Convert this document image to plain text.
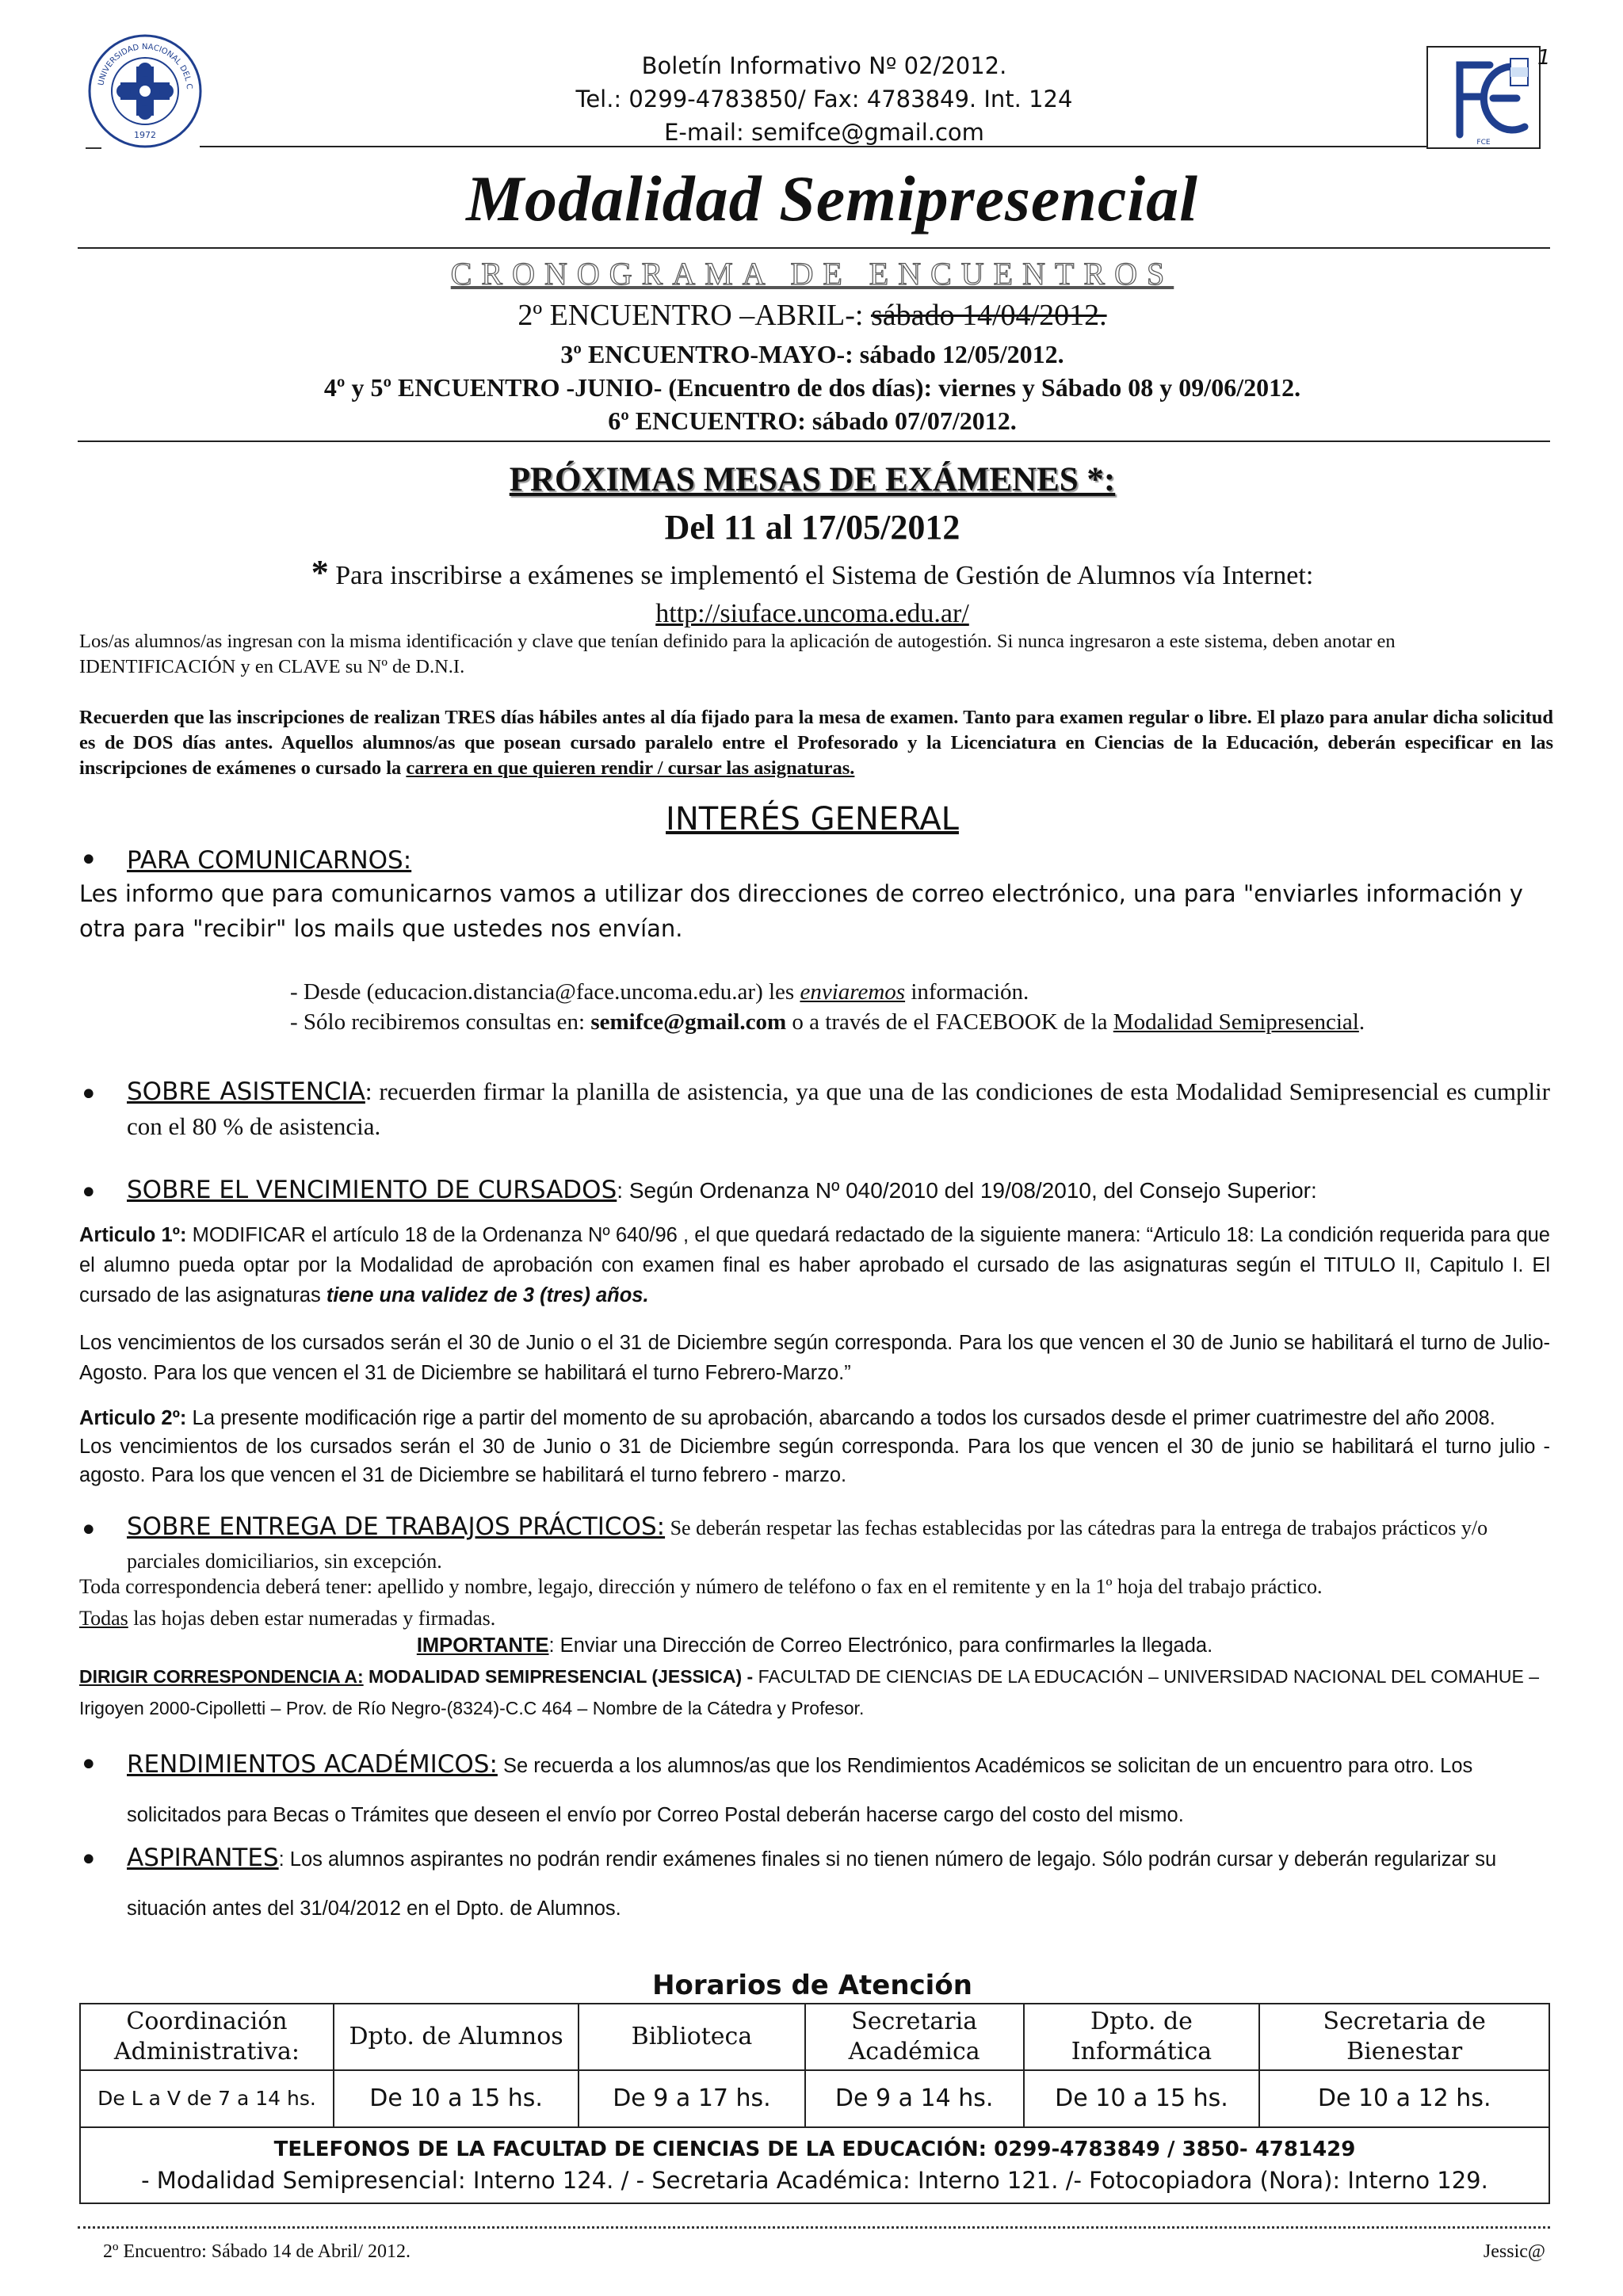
UNIVERSIDAD NACIONAL DEL C
1972
Boletín Informativo Nº 02/2012.
Tel.: 0299-4783850/ Fax: 4783849. Int. 124
E-mail: semifce@gmail.com	FCE
1
Modalidad Semipresencial
CRONOGRAMA DE ENCUENTROS
2º ENCUENTRO –ABRIL-: sábado 14/04/2012.
3º ENCUENTRO-MAYO-: sábado 12/05/2012.
4º y 5º ENCUENTRO -JUNIO- (Encuentro de dos días): viernes y Sábado 08 y 09/06/2012.
6º ENCUENTRO: sábado 07/07/2012.
PRÓXIMAS MESAS DE EXÁMENES *:
Del 11 al 17/05/2012
* Para inscribirse a exámenes se implementó el Sistema de Gestión de Alumnos vía Internet:
http://siuface.uncoma.edu.ar/
Los/as alumnos/as ingresan con la misma identificación y clave que tenían definido para la aplicación de autogestión. Si nunca ingresaron a este sistema, deben anotar en IDENTIFICACIÓN y en CLAVE su Nº de D.N.I.
Recuerden que las inscripciones de realizan TRES días hábiles antes al día fijado para la mesa de examen. Tanto para examen regular o libre. El plazo para anular dicha solicitud es de DOS días antes. Aquellos alumnos/as que posean cursado paralelo entre el Profesorado y la Licenciatura en Ciencias de la Educación, deberán especificar en las inscripciones de exámenes o cursado la carrera en que quieren rendir / cursar las asignaturas.
INTERÉS GENERAL
• PARA COMUNICARNOS:
Les informo que para comunicarnos vamos a utilizar dos direcciones de correo electrónico, una para "enviarles información y otra para "recibir" los mails que ustedes nos envían.
- Desde (educacion.distancia@face.uncoma.edu.ar) les enviaremos información.
- Sólo recibiremos consultas en: semifce@gmail.com o a través de el FACEBOOK de la Modalidad Semipresencial.
• SOBRE ASISTENCIA: recuerden firmar la planilla de asistencia, ya que una de las condiciones de esta Modalidad Semipresencial es cumplir con el 80 % de asistencia.
• SOBRE EL VENCIMIENTO DE CURSADOS: Según Ordenanza Nº 040/2010 del 19/08/2010, del Consejo Superior:
Articulo 1º: MODIFICAR el artículo 18 de la Ordenanza Nº 640/96 , el que quedará redactado de la siguiente manera: “Articulo 18: La condición requerida para que el alumno pueda optar por la Modalidad de aprobación con examen final es haber aprobado el cursado de las asignaturas según el TITULO II, Capitulo I. El cursado de las asignaturas tiene una validez de 3 (tres) años.
Los vencimientos de los cursados serán el 30 de Junio o el 31 de Diciembre según corresponda. Para los que vencen el 30 de Junio se habilitará el turno de Julio-Agosto. Para los que vencen el 31 de Diciembre se habilitará el turno Febrero-Marzo.”
Articulo 2º: La presente modificación rige a partir del momento de su aprobación, abarcando a todos los cursados desde el primer cuatrimestre del año 2008.
Los vencimientos de los cursados serán el 30 de Junio o 31 de Diciembre según corresponda. Para los que vencen el 30 de junio se habilitará el turno julio - agosto. Para los que vencen el 31 de Diciembre se habilitará el turno febrero - marzo.
• SOBRE ENTREGA DE TRABAJOS PRÁCTICOS: Se deberán respetar las fechas establecidas por las cátedras para la entrega de trabajos prácticos y/o parciales domiciliarios, sin excepción.
Toda correspondencia deberá tener: apellido y nombre, legajo, dirección y número de teléfono o fax en el remitente y en la 1º hoja del trabajo práctico.
Todas las hojas deben estar numeradas y firmadas.
IMPORTANTE: Enviar una Dirección de Correo Electrónico, para confirmarles la llegada.
DIRIGIR CORRESPONDENCIA A: MODALIDAD SEMIPRESENCIAL (JESSICA) - FACULTAD DE CIENCIAS DE LA EDUCACIÓN – UNIVERSIDAD NACIONAL DEL COMAHUE – Irigoyen 2000-Cipolletti – Prov. de Río Negro-(8324)-C.C 464 – Nombre de la Cátedra y Profesor.
• RENDIMIENTOS ACADÉMICOS: Se recuerda a los alumnos/as que los Rendimientos Académicos se solicitan de un encuentro para otro. Los solicitados para Becas o Trámites que deseen el envío por Correo Postal deberán hacerse cargo del costo del mismo.
• ASPIRANTES: Los alumnos aspirantes no podrán rendir exámenes finales si no tienen número de legajo. Sólo podrán cursar y deberán regularizar su situación antes del 31/04/2012 en el Dpto. de Alumnos.
Horarios de Atención
Coordinación Administrativa:	Dpto. de Alumnos	Biblioteca	Secretaria Académica	Dpto. de Informática	Secretaria de Bienestar
De L a V de 7 a 14 hs.	De 10 a 15 hs.	De 9 a 17 hs.	De 9 a 14 hs.	De 10 a 15 hs.	De 10 a 12 hs.

TELEFONOS DE LA FACULTAD DE CIENCIAS DE LA EDUCACIÓN: 0299-4783849 / 3850- 4781429
- Modalidad Semipresencial: Interno 124. / - Secretaria Académica: Interno 121. /- Fotocopiadora (Nora): Interno 129.					
2º Encuentro: Sábado 14 de Abril/ 2012.	Jessic@
